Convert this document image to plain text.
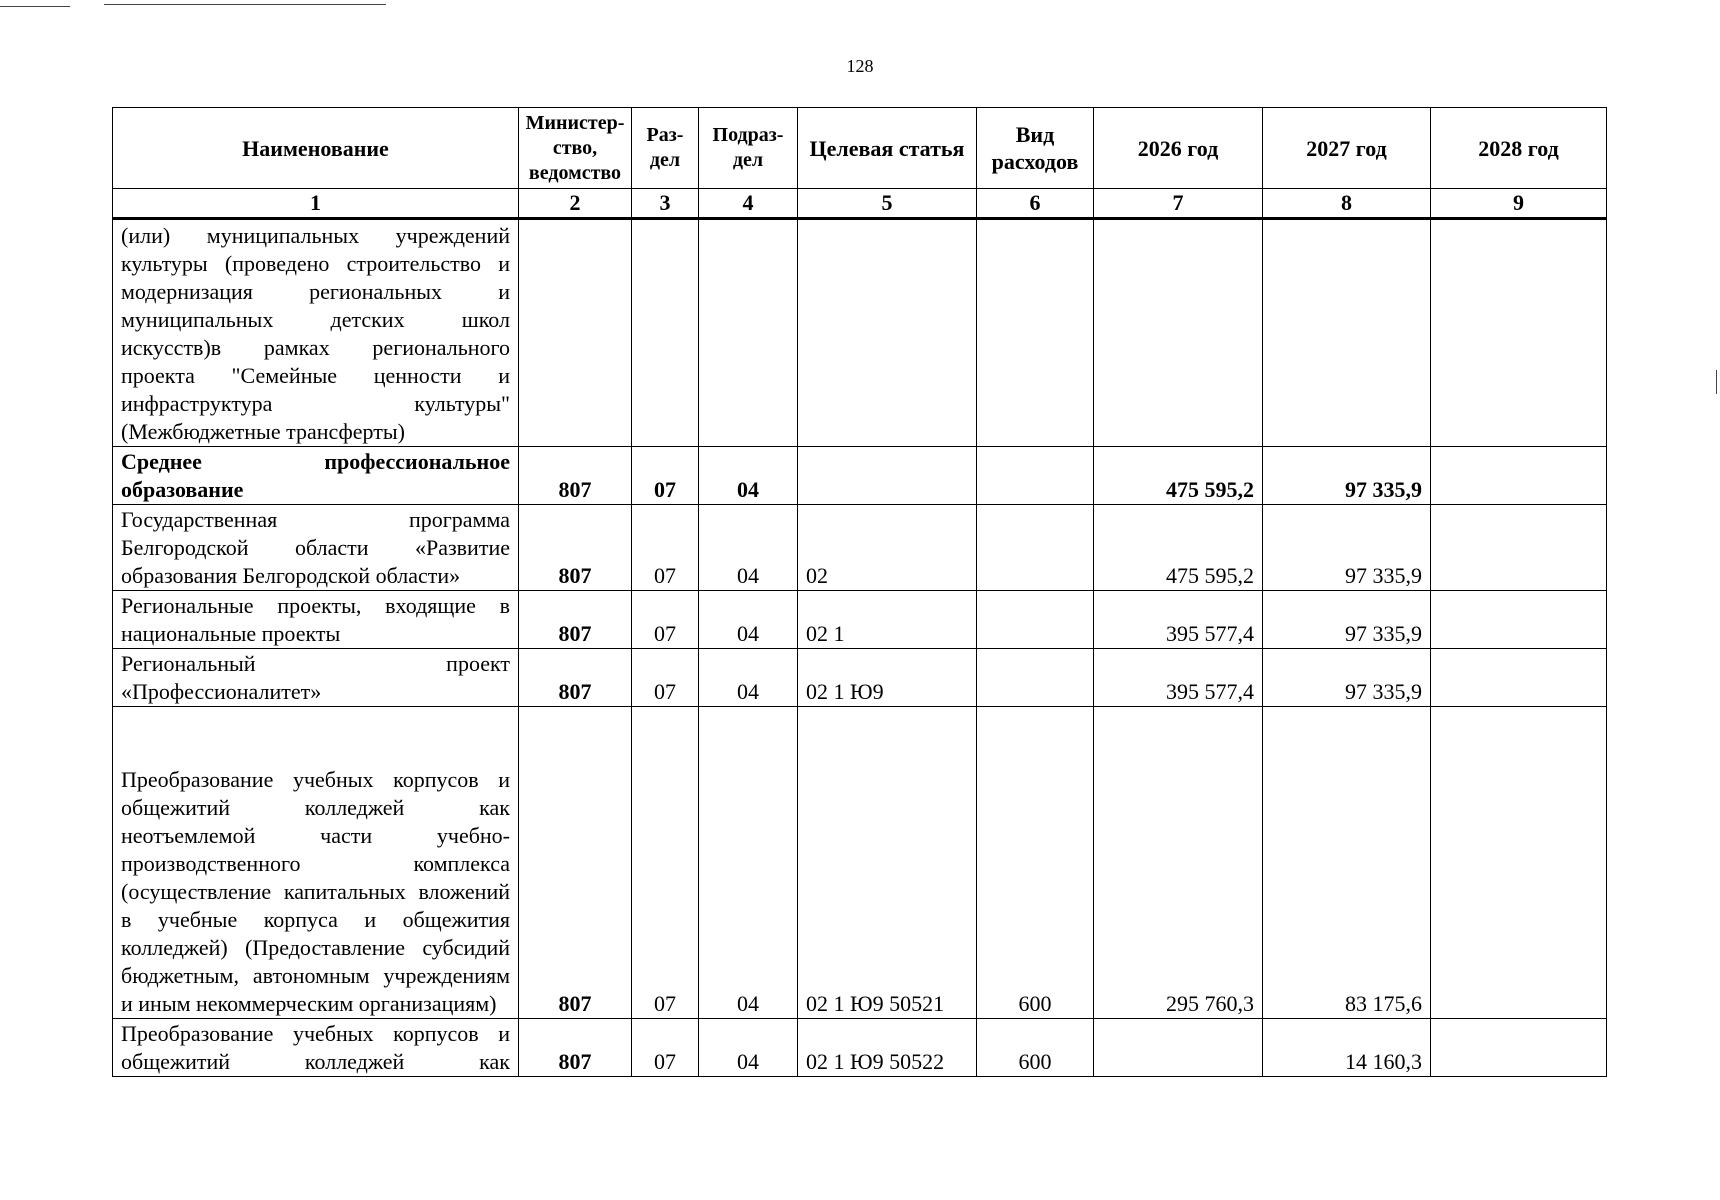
128
Наименование	Министер-ство, ведомство	Раз-дел	Подраз-дел	Целевая статья	Вид расходов	2026 год	2027 год	2028 год
1	2	3	4	5	6	7	8	9
(или) муниципальных учреждений культуры (проведено строительство и модернизация региональных и муниципальных детских школ искусств)в рамках регионального проекта "Семейные ценности и инфраструктура культуры" (Межбюджетные трансферты)								
Среднее профессиональное образование	807	07	04			475 595,2	97 335,9	
Государственная программа Белгородской области «Развитие образования Белгородской области»	807	07	04	02		475 595,2	97 335,9	
Региональные проекты, входящие в национальные проекты	807	07	04	02 1		395 577,4	97 335,9	
Региональный проект «Профессионалитет»	807	07	04	02 1 Ю9		395 577,4	97 335,9	
Преобразование учебных корпусов и общежитий колледжей как неотъемлемой части учебно-производственного комплекса (осуществление капитальных вложений в учебные корпуса и общежития колледжей) (Предоставление субсидий бюджетным, автономным учреждениям и иным некоммерческим организациям)	807	07	04	02 1 Ю9 50521	600	295 760,3	83 175,6	
Преобразование учебных корпусов и общежитий колледжей как	807	07	04	02 1 Ю9 50522	600		14 160,3	
